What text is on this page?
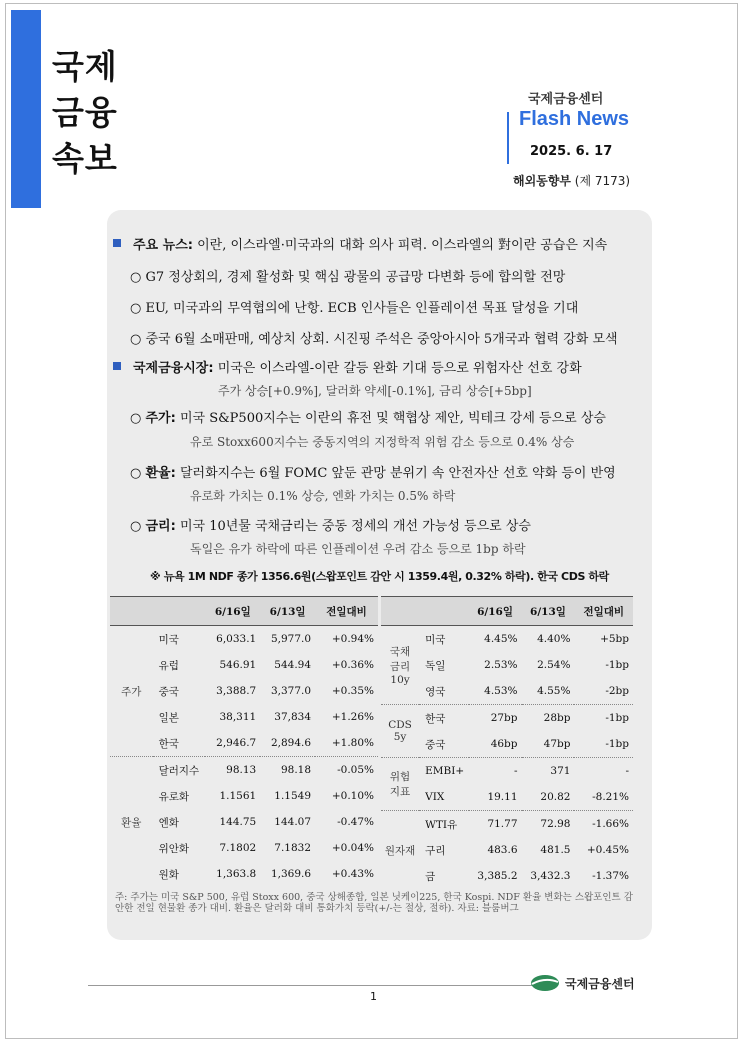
국제
금융
속보
국제금융센터
Flash News
2025. 6. 17
해외동향부 (제 7173)
주요 뉴스: 이란, 이스라엘·미국과의 대화 의사 피력. 이스라엘의 對이란 공습은 지속
○ G7 정상회의, 경제 활성화 및 핵심 광물의 공급망 다변화 등에 합의할 전망
○ EU, 미국과의 무역협의에 난항. ECB 인사들은 인플레이션 목표 달성을 기대
○ 중국 6월 소매판매, 예상치 상회. 시진핑 주석은 중앙아시아 5개국과 협력 강화 모색
국제금융시장: 미국은 이스라엘-이란 갈등 완화 기대 등으로 위험자산 선호 강화
주가 상승[+0.9%], 달러화 약세[-0.1%], 금리 상승[+5bp]
○ 주가: 미국 S&P500지수는 이란의 휴전 및 핵협상 제안, 빅테크 강세 등으로 상승
유로 Stoxx600지수는 중동지역의 지정학적 위험 감소 등으로 0.4% 상승
○ 환율: 달러화지수는 6월 FOMC 앞둔 관망 분위기 속 안전자산 선호 약화 등이 반영
유로화 가치는 0.1% 상승, 엔화 가치는 0.5% 하락
○ 금리: 미국 10년물 국채금리는 중동 정세의 개선 가능성 등으로 상승
독일은 유가 하락에 따른 인플레이션 우려 감소 등으로 1bp 하락
※ 뉴욕 1M NDF 종가 1356.6원(스왑포인트 감안 시 1359.4원, 0.32% 하락). 한국 CDS 하락
		6/16일	6/13일	전일대비
주가	미국	6,033.1	5,977.0	+0.94%
	유럽	546.91	544.94	+0.36%
	중국	3,388.7	3,377.0	+0.35%
	일본	38,311	37,834	+1.26%
	한국	2,946.7	2,894.6	+1.80%
환율	달러지수	98.13	98.18	-0.05%
	유로화	1.1561	1.1549	+0.10%
	엔화	144.75	144.07	-0.47%
	위안화	7.1802	7.1832	+0.04%
	원화	1,363.8	1,369.6	+0.43%
		6/16일	6/13일	전일대비
국채
금리
10y	미국	4.45%	4.40%	+5bp
	독일	2.53%	2.54%	-1bp
	영국	4.53%	4.55%	-2bp
CDS
5y	한국	27bp	28bp	-1bp
	중국	46bp	47bp	-1bp
위험
지표	EMBI+	-	371	-
	VIX	19.11	20.82	-8.21%
원자재	WTI유	71.77	72.98	-1.66%
	구리	483.6	481.5	+0.45%
	금	3,385.2	3,432.3	-1.37%
주: 주가는 미국 S&P 500, 유럽 Stoxx 600, 중국 상해종합, 일본 닛케이225, 한국 Kospi. NDF 환율 변화는 스왑포인트 감안한 전일 현물환 종가 대비. 환율은 달러화 대비 통화가치 등락(+/-는 절상, 절하). 자료: 블룸버그
1
국제금융센터
